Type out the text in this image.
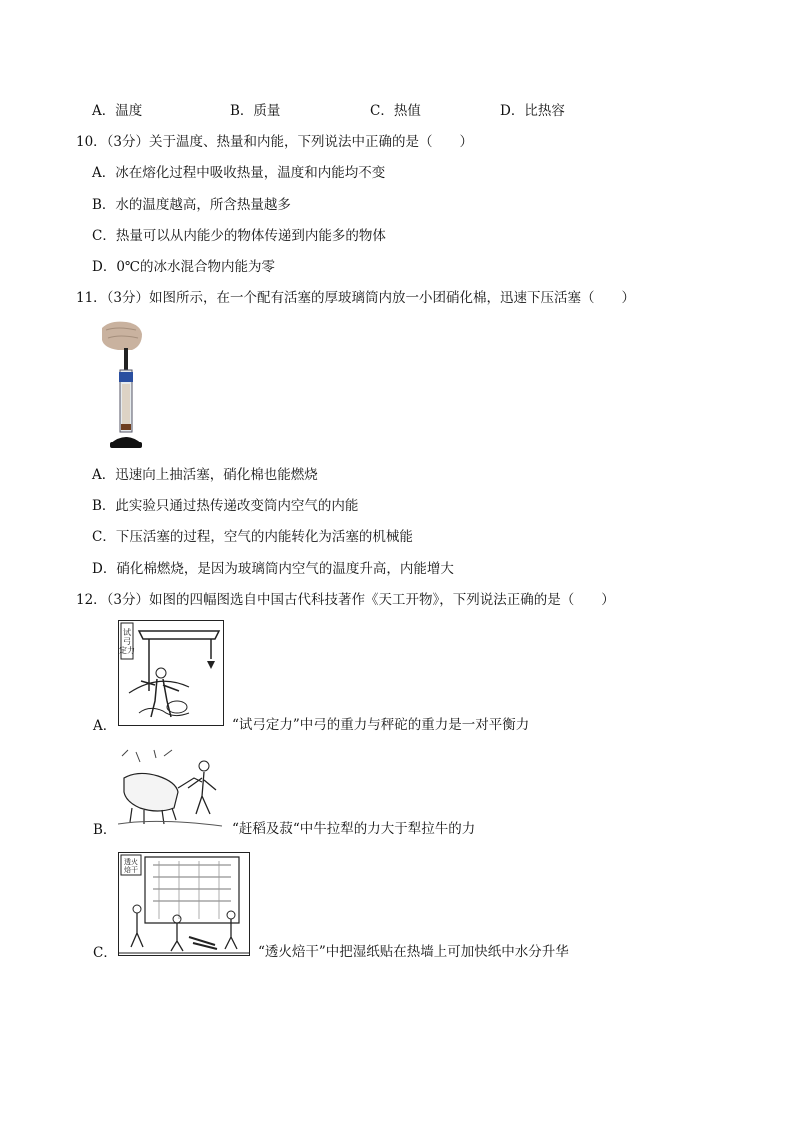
A．温度	B．质量	C．热值	D．比热容
10．（3分）关于温度、热量和内能，下列说法中正确的是（　　）
A．冰在熔化过程中吸收热量，温度和内能均不变
B．水的温度越高，所含热量越多
C．热量可以从内能少的物体传递到内能多的物体
D．0℃的冰水混合物内能为零
11．（3分）如图所示，在一个配有活塞的厚玻璃筒内放一小团硝化棉，迅速下压活塞（　　）
A．迅速向上抽活塞，硝化棉也能燃烧
B．此实验只通过热传递改变筒内空气的内能
C．下压活塞的过程，空气的内能转化为活塞的机械能
D．硝化棉燃烧，是因为玻璃筒内空气的温度升高，内能增大
12．（3分）如图的四幅图选自中国古代科技著作《天工开物》，下列说法正确的是（　　）
试
弓
定力
A．	“试弓定力”中弓的重力与秤砣的重力是一对平衡力
B．	“赶稻及菽“中牛拉犁的力大于犁拉牛的力
透火
焙干
C．	“透火焙干”中把湿纸贴在热墙上可加快纸中水分升华
